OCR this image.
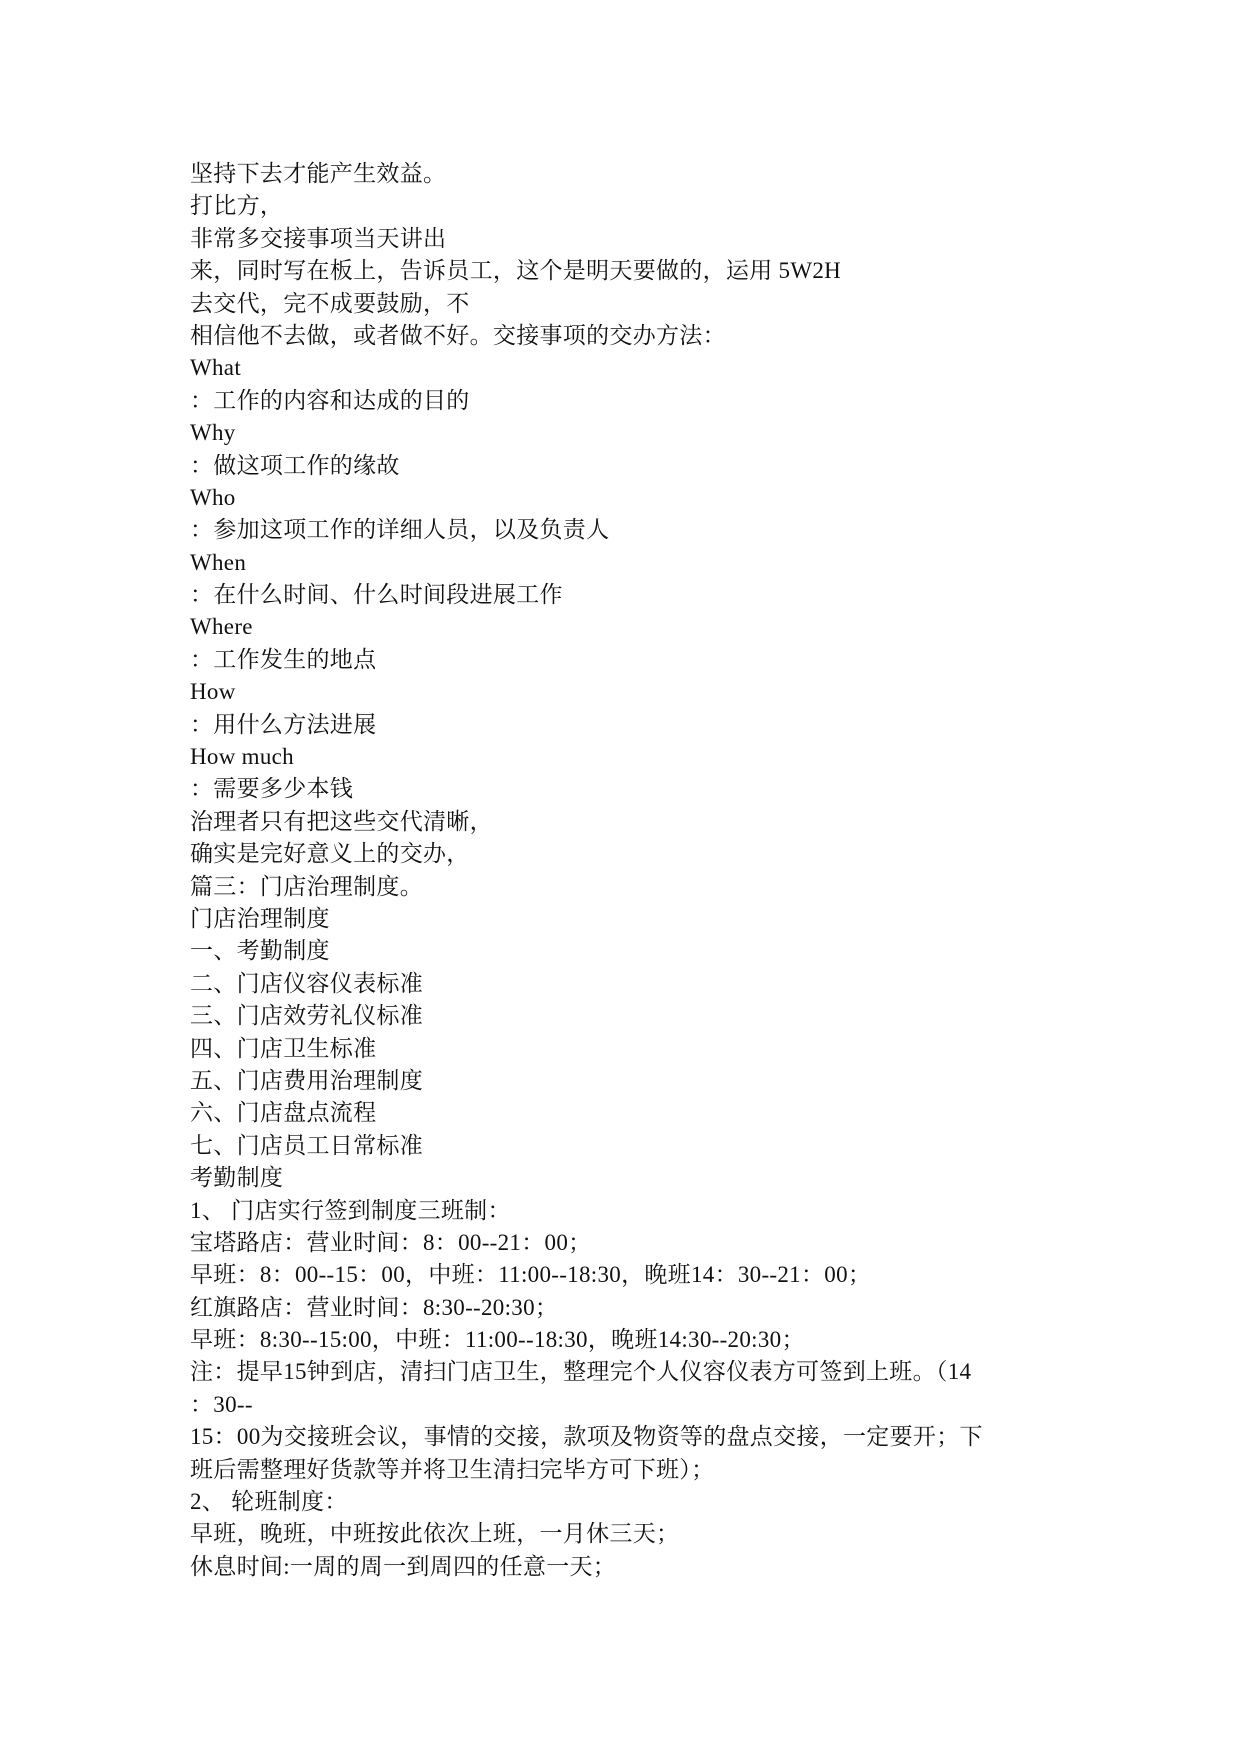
坚持下去才能产生效益。
打比方，
非常多交接事项当天讲出
来，同时写在板上，告诉员工，这个是明天要做的，运用 5W2H
去交代，完不成要鼓励，不
相信他不去做，或者做不好。交接事项的交办方法：
What
：工作的内容和达成的目的
Why
：做这项工作的缘故
Who
：参加这项工作的详细人员，以及负责人
When
：在什么时间、什么时间段进展工作
Where
：工作发生的地点
How
：用什么方法进展
How much
：需要多少本钱
治理者只有把这些交代清晰，
确实是完好意义上的交办，
篇三：门店治理制度。
门店治理制度
一、考勤制度
二、门店仪容仪表标准
三、门店效劳礼仪标准
四、门店卫生标准
五、门店费用治理制度
六、门店盘点流程
七、门店员工日常标准
考勤制度
1、 门店实行签到制度三班制：
宝塔路店：营业时间：8：00--21：00；
早班：8：00--15：00，中班：11:00--18:30，晚班14：30--21：00；
红旗路店：营业时间：8:30--20:30；
早班：8:30--15:00，中班：11:00--18:30，晚班14:30--20:30；
注：提早15钟到店，清扫门店卫生，整理完个人仪容仪表方可签到上班。（14
：30--
15：00为交接班会议，事情的交接，款项及物资等的盘点交接，一定要开；下
班后需整理好货款等并将卫生清扫完毕方可下班）；
2、 轮班制度：
早班，晚班，中班按此依次上班，一月休三天；
休息时间:一周的周一到周四的任意一天；
